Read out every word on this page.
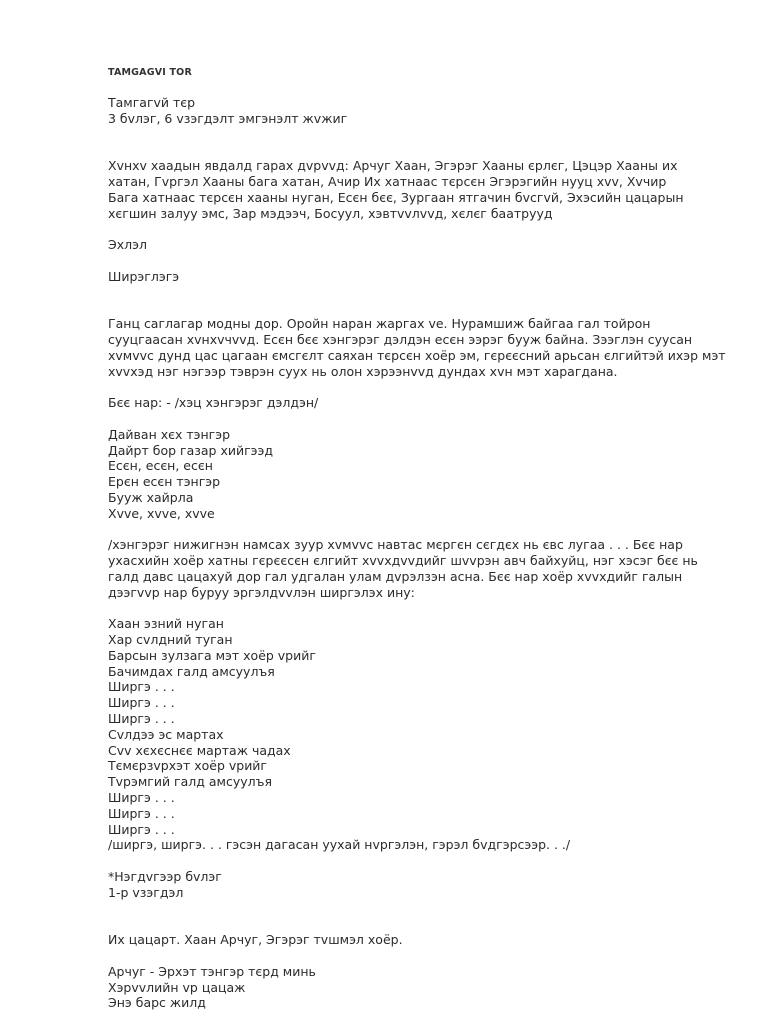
TAMGAGVI TOR
Тамгагvй тєр
3 бvлэг, 6 vзэгдэлт эмгэнэлт жvжиг
Хvнхv хаадын явдалд гарах дvрvvд: Арчуг Хаан, Эгэрэг Хааны єрлєг, Цэцэр Хааны их
хатан, Гvргэл Хааны бага хатан, Ачир Их хатнаас тєрсєн Эгэрэгийн нууц хvv, Хvчир
Бага хатнаас тєрсєн хааны нуган, Есєн бєє, Зургаан ятгачин бvсгvй, Эхэсийн цацарын
хєгшин залуу эмс, Зар мэдээч, Босуул, хэвтvvлvvд, хєлєг баатрууд
Эхлэл
Ширэглэгэ
Ганц саглагар модны дор. Оройн наран жаргах vе. Нурамшиж байгаа гал тойрон
сууцгаасан хvнхvчvvд. Есєн бєє хэнгэрэг дэлдэн есєн ээрэг бууж байна. Зээглэн суусан
хvмvvс дунд цас цагаан ємсгєлт саяхан тєрсєн хоёр эм, гєрєєсний арьсан єлгийтэй ихэр мэт
хvvхэд нэг нэгээр тэврэн суух нь олон хэрээнvvд дундах хvн мэт харагдана.
Бєє нар: - /хэц хэнгэрэг дэлдэн/
Дайван хєх тэнгэр
Дайрт бор газар хийгээд
Есєн, есєн, есєн
Ерєн есєн тэнгэр
Бууж хайрла
Хvve, хvve, хvve
/хэнгэрэг нижигнэн намсах зуур хvмvvс навтас мєргєн сєгдєх нь євс лугаа . . . Бєє нар
ухасхийн хоёр хатны гєрєєсєн єлгийт хvvхдvvдийг шvvрэн авч байхуйц, нэг хэсэг бєє нь
галд давс цацахуй дор гал удгалан улам дvрэлзэн асна. Бєє нар хоёр хvvхдийг галын
дээгvvр нар буруу эргэлдvvлэн ширгэлэх ину:
Хаан эзний нуган
Хар сvлдний туган
Барсын зулзага мэт хоёр vрийг
Бачимдах галд амсуулъя
Ширгэ . . .
Ширгэ . . .
Ширгэ . . .
Сvлдээ эс мартах
Сvv хєхєснєє мартаж чадах
Тємєрзvрхэт хоёр vрийг
Тvрэмгий галд амсуулъя
Ширгэ . . .
Ширгэ . . .
Ширгэ . . .
/ширгэ, ширгэ. . . гэсэн дагасан уухай нvргэлэн, гэрэл бvдгэрсээр. . ./
*Нэгдvгээр бvлэг
1-р vзэгдэл
Их цацарт. Хаан Арчуг, Эгэрэг тvшмэл хоёр.
Арчуг - Эрхэт тэнгэр тєрд минь
Хэрvvлийн vр цацаж
Энэ барс жилд
